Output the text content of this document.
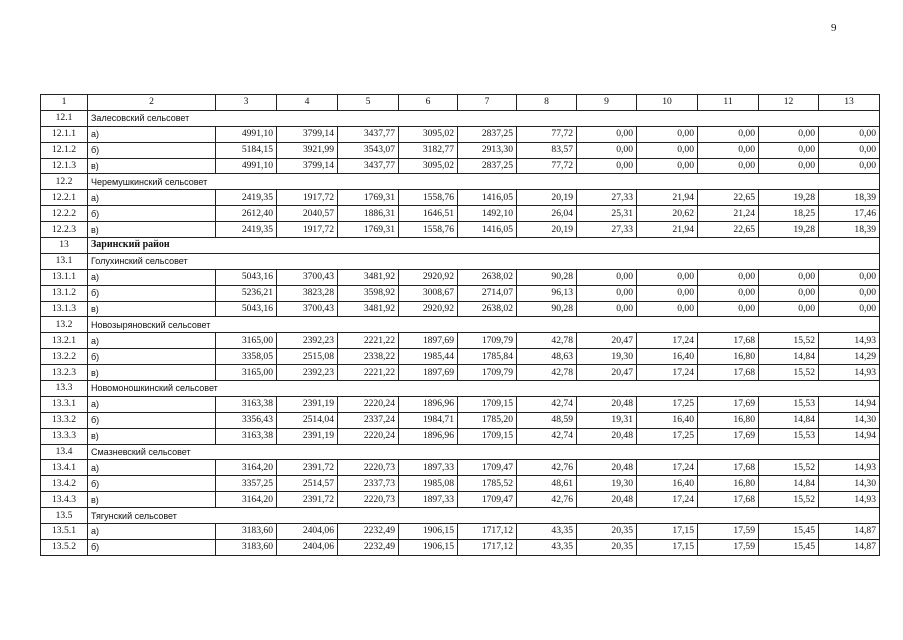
9
1	2	3	4	5	6	7	8	9	10	11	12	13
12.1	Залесовский сельсовет											
12.1.1	а)	4991,10	3799,14	3437,77	3095,02	2837,25	77,72	0,00	0,00	0,00	0,00	0,00
12.1.2	б)	5184,15	3921,99	3543,07	3182,77	2913,30	83,57	0,00	0,00	0,00	0,00	0,00
12.1.3	в)	4991,10	3799,14	3437,77	3095,02	2837,25	77,72	0,00	0,00	0,00	0,00	0,00
12.2	Черемушкинский сельсовет											
12.2.1	а)	2419,35	1917,72	1769,31	1558,76	1416,05	20,19	27,33	21,94	22,65	19,28	18,39
12.2.2	б)	2612,40	2040,57	1886,31	1646,51	1492,10	26,04	25,31	20,62	21,24	18,25	17,46
12.2.3	в)	2419,35	1917,72	1769,31	1558,76	1416,05	20,19	27,33	21,94	22,65	19,28	18,39
13	Заринский район											
13.1	Голухинский сельсовет											
13.1.1	а)	5043,16	3700,43	3481,92	2920,92	2638,02	90,28	0,00	0,00	0,00	0,00	0,00
13.1.2	б)	5236,21	3823,28	3598,92	3008,67	2714,07	96,13	0,00	0,00	0,00	0,00	0,00
13.1.3	в)	5043,16	3700,43	3481,92	2920,92	2638,02	90,28	0,00	0,00	0,00	0,00	0,00
13.2	Новозыряновский сельсовет											
13.2.1	а)	3165,00	2392,23	2221,22	1897,69	1709,79	42,78	20,47	17,24	17,68	15,52	14,93
13.2.2	б)	3358,05	2515,08	2338,22	1985,44	1785,84	48,63	19,30	16,40	16,80	14,84	14,29
13.2.3	в)	3165,00	2392,23	2221,22	1897,69	1709,79	42,78	20,47	17,24	17,68	15,52	14,93
13.3	Новомоношкинский сельсовет											
13.3.1	а)	3163,38	2391,19	2220,24	1896,96	1709,15	42,74	20,48	17,25	17,69	15,53	14,94
13.3.2	б)	3356,43	2514,04	2337,24	1984,71	1785,20	48,59	19,31	16,40	16,80	14,84	14,30
13.3.3	в)	3163,38	2391,19	2220,24	1896,96	1709,15	42,74	20,48	17,25	17,69	15,53	14,94
13.4	Смазневский сельсовет											
13.4.1	а)	3164,20	2391,72	2220,73	1897,33	1709,47	42,76	20,48	17,24	17,68	15,52	14,93
13.4.2	б)	3357,25	2514,57	2337,73	1985,08	1785,52	48,61	19,30	16,40	16,80	14,84	14,30
13.4.3	в)	3164,20	2391,72	2220,73	1897,33	1709,47	42,76	20,48	17,24	17,68	15,52	14,93
13.5	Тягунский сельсовет											
13.5.1	а)	3183,60	2404,06	2232,49	1906,15	1717,12	43,35	20,35	17,15	17,59	15,45	14,87
13.5.2	б)	3183,60	2404,06	2232,49	1906,15	1717,12	43,35	20,35	17,15	17,59	15,45	14,87
